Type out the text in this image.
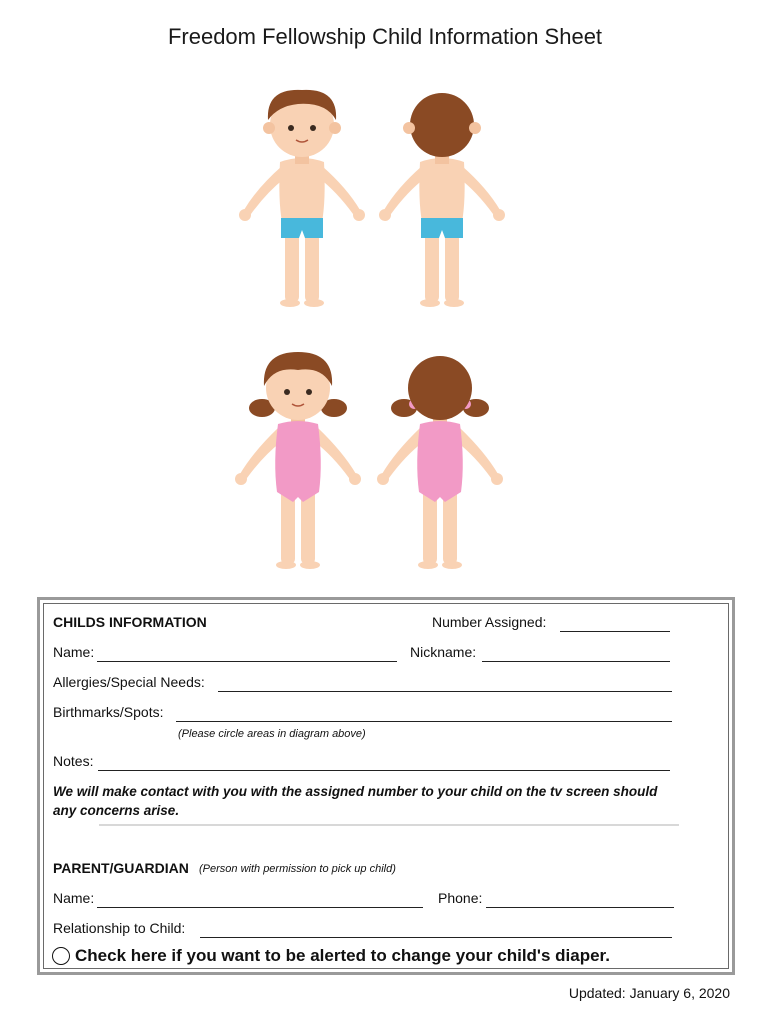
Freedom Fellowship Child Information Sheet
CHILDS INFORMATION	Number Assigned:
Name:	Nickname:
Allergies/Special Needs:
Birthmarks/Spots:
(Please circle areas in diagram above)
Notes:
We will make contact with you with the assigned number to your child on the tv screen should any concerns arise.
PARENT/GUARDIAN (Person with permission to pick up child)
Name:	Phone:
Relationship to Child:
Check here if you want to be alerted to change your child's diaper.
Updated: January 6, 2020
